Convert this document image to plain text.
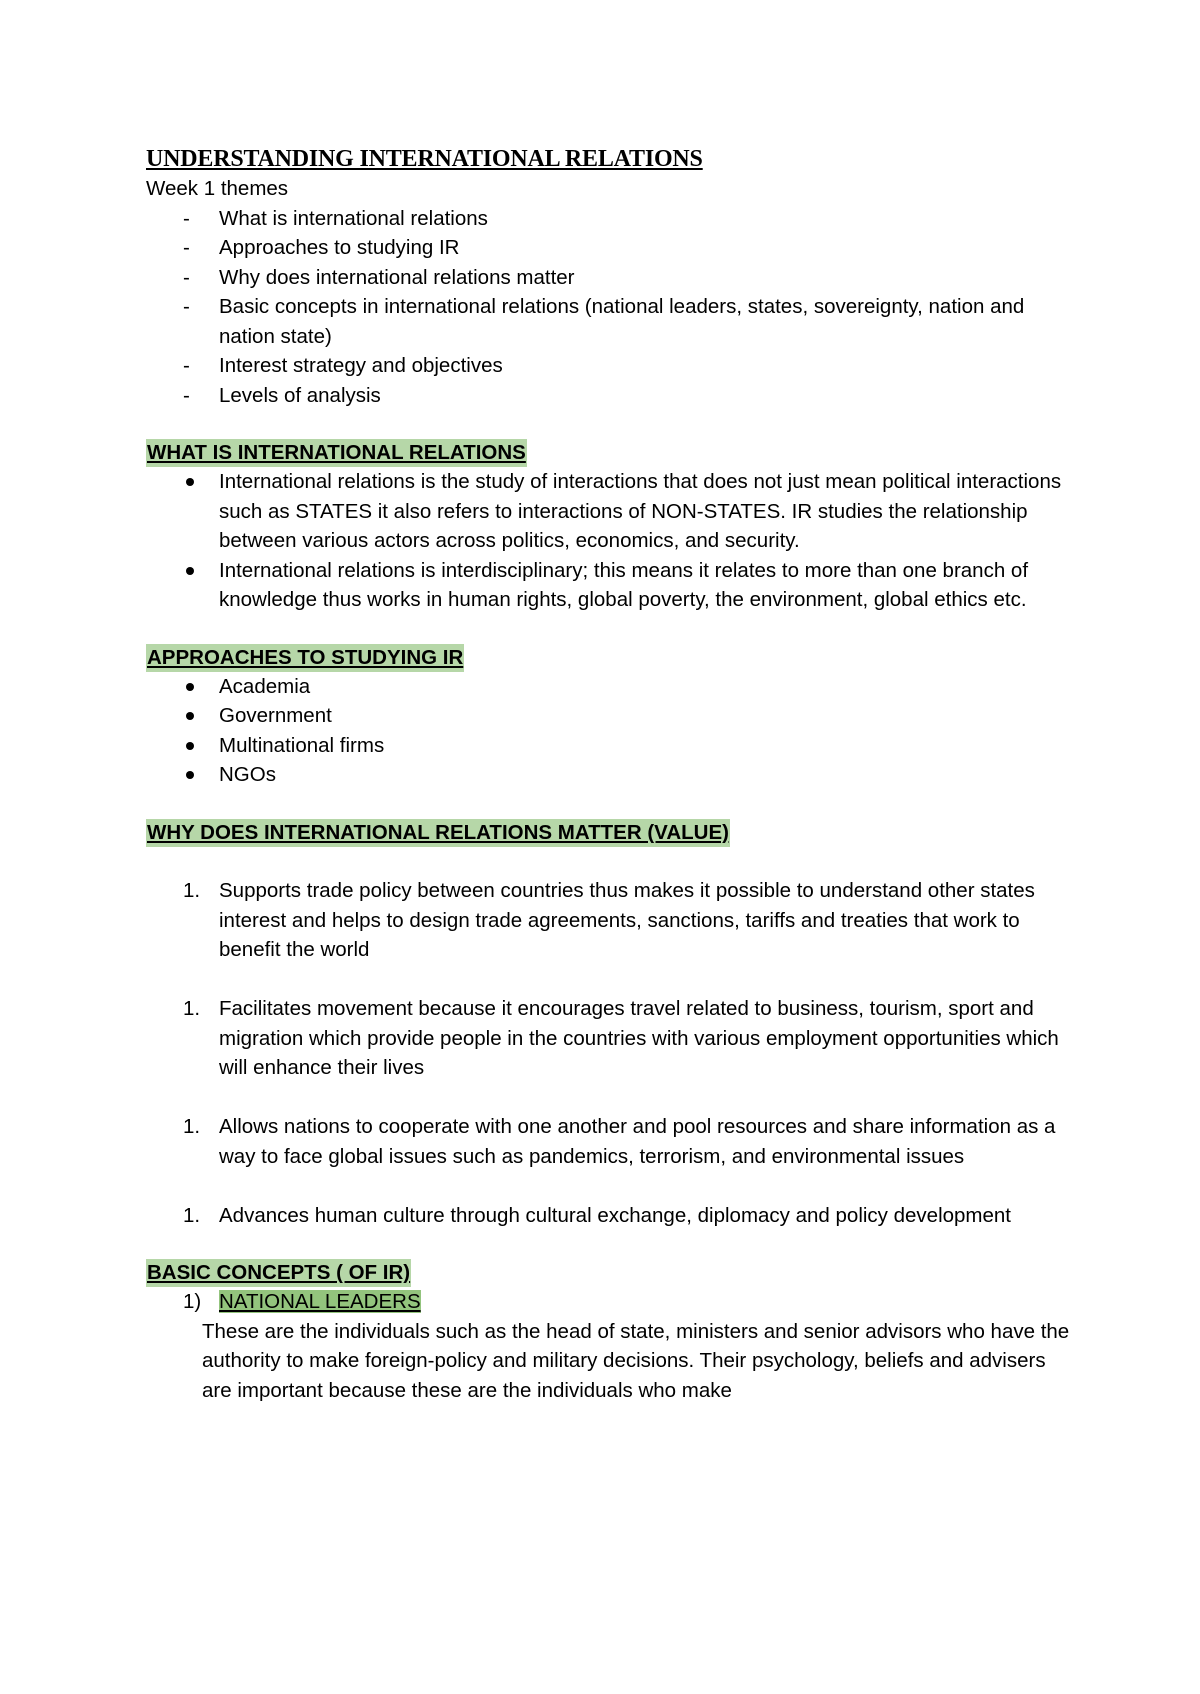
UNDERSTANDING INTERNATIONAL RELATIONS
Week 1 themes
- What is international relations
- Approaches to studying IR
- Why does international relations matter
- Basic concepts in international relations (national leaders, states, sovereignty, nation and nation state)
- Interest strategy and objectives
- Levels of analysis
WHAT IS INTERNATIONAL RELATIONS
International relations is the study of interactions that does not just mean political interactions such as STATES it also refers to interactions of NON-STATES. IR studies the relationship between various actors across politics, economics, and security.
International relations is interdisciplinary; this means it relates to more than one branch of knowledge thus works in human rights, global poverty, the environment, global ethics etc.
APPROACHES TO STUDYING IR
Academia
Government
Multinational firms
NGOs
WHY DOES INTERNATIONAL RELATIONS MATTER (VALUE)
1. Supports trade policy between countries thus makes it possible to understand other states interest and helps to design trade agreements, sanctions, tariffs and treaties that work to benefit the world
1. Facilitates movement because it encourages travel related to business, tourism, sport and migration which provide people in the countries with various employment opportunities which will enhance their lives
1. Allows nations to cooperate with one another and pool resources and share information as a way to face global issues such as pandemics, terrorism, and environmental issues
1. Advances human culture through cultural exchange, diplomacy and policy development
BASIC CONCEPTS ( OF IR)
1) NATIONAL LEADERS
These are the individuals such as the head of state, ministers and senior advisors who have the authority to make foreign-policy and military decisions. Their psychology, beliefs and advisers are important because these are the individuals who make
